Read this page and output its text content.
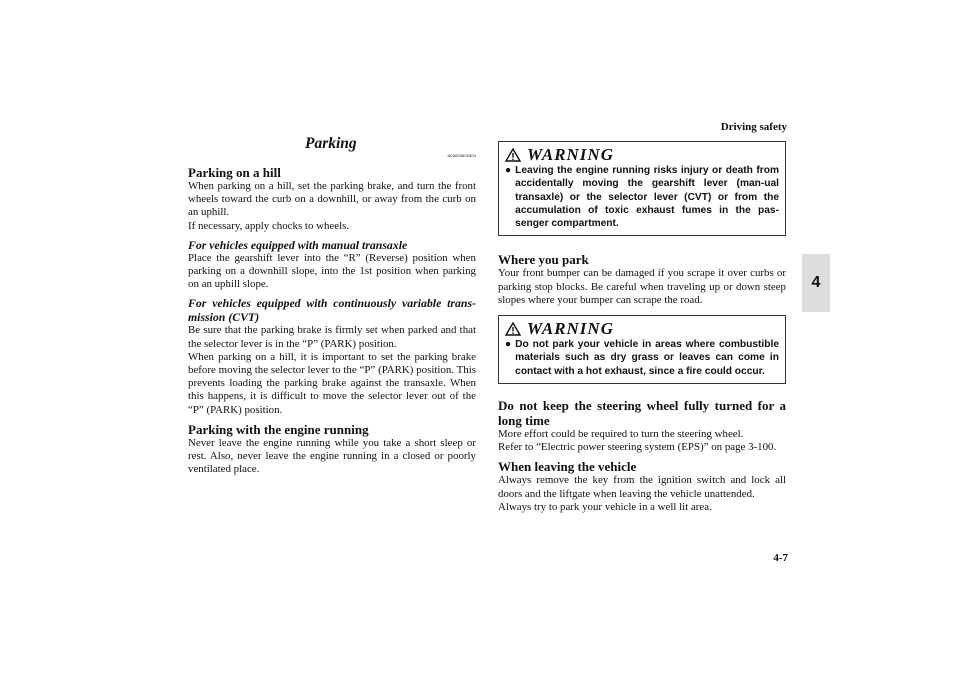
Driving safety
4
4-7
Parking
N00629600304
Parking on a hill

When parking on a hill, set the parking brake, and turn the front wheels toward the curb on a downhill, or away from the curb on an uphill.

If necessary, apply chocks to wheels.

For vehicles equipped with manual transaxle

Place the gearshift lever into the “R” (Reverse) position when parking on a downhill slope, into the 1st position when parking on an uphill slope.

For vehicles equipped with continuously variable trans-mission (CVT)

Be sure that the parking brake is firmly set when parked and that the selector lever is in the “P” (PARK) position.

When parking on a hill, it is important to set the parking brake before moving the selector lever to the “P” (PARK) position. This prevents loading the parking brake against the transaxle. When this happens, it is difficult to move the selector lever out of the “P” (PARK) position.

Parking with the engine running

Never leave the engine running while you take a short sleep or rest. Also, never leave the engine running in a closed or poorly ventilated place.

WARNING
● Leaving the engine running risks injury or death from accidentally moving the gearshift lever (man-ual transaxle) or the selector lever (CVT) or from the accumulation of toxic exhaust fumes in the pas-senger compartment.
Where you park

Your front bumper can be damaged if you scrape it over curbs or parking stop blocks. Be careful when traveling up or down steep slopes where your bumper can scrape the road.

WARNING
● Do not park your vehicle in areas where combustible materials such as dry grass or leaves can come in contact with a hot exhaust, since a fire could occur.
Do not keep the steering wheel fully turned for a long time

More effort could be required to turn the steering wheel.

Refer to “Electric power steering system (EPS)” on page 3-100.

When leaving the vehicle

Always remove the key from the ignition switch and lock all doors and the liftgate when leaving the vehicle unattended.

Always try to park your vehicle in a well lit area.
